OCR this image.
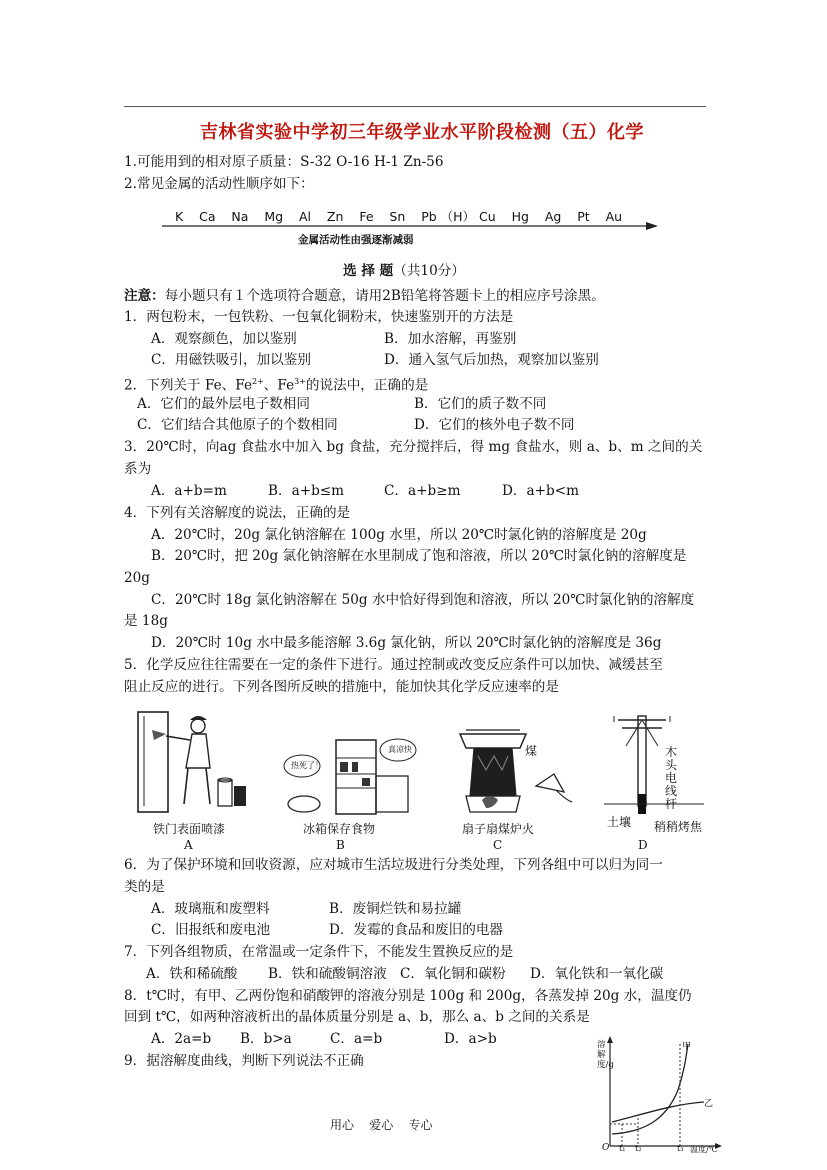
吉林省实验中学初三年级学业水平阶段检测（五）化学
1.可能用到的相对原子质量：S-32 O-16 H-1 Zn-56
2.常见金属的活动性顺序如下：
K Ca Na Mg Al Zn Fe Sn Pb （H） Cu Hg Ag Pt Au
金属活动性由强逐渐减弱
选 择 题（共10分）
注意：每小题只有１个选项符合题意，请用2B铅笔将答题卡上的相应序号涂黑。
1．两包粉末，一包铁粉、一包氧化铜粉末，快速鉴别开的方法是
A．观察颜色，加以鉴别	B．加水溶解，再鉴别
C．用磁铁吸引，加以鉴别	D．通入氢气后加热，观察加以鉴别
2．下列关于 Fe、$Fe^{2+}$、$Fe^{3+}$的说法中，正确的是
A．它们的最外层电子数相同	B．它们的质子数不同
C．它们结合其他原子的个数相同	D．它们的核外电子数不同
3．20℃时，向ag 食盐水中加入 bg 食盐，充分搅拌后，得 mg 食盐水，则 a、b、m 之间的关
系为
A．a+b=m	B．a+b≤m	C．a+b≥m	D．a+b<m
4．下列有关溶解度的说法，正确的是
A．20℃时，20g 氯化钠溶解在 100g 水里，所以 20℃时氯化钠的溶解度是 20g
B．20℃时，把 20g 氯化钠溶解在水里制成了饱和溶液，所以 20℃时氯化钠的溶解度是
20g
C．20℃时 18g 氯化钠溶解在 50g 水中恰好得到饱和溶液，所以 20℃时氯化钠的溶解度
是 18g
D．20℃时 10g 水中最多能溶解 3.6g 氯化钠，所以 20℃时氯化钠的溶解度是 36g
5．化学反应往往需要在一定的条件下进行。通过控制或改变反应条件可以加快、减缓甚至
阻止反应的进行。下列各图所反映的措施中，能加快其化学反应速率的是
铁门表面喷漆
A
热死了！
真凉快
冰箱保存食物
B
煤
扇子扇煤炉火
C
木头电线杆
土壤 稍稍烤焦
D
6．为了保护环境和回收资源，应对城市生活垃圾进行分类处理，下列各组中可以归为同一
类的是
A．玻璃瓶和废塑料	B．废铜烂铁和易拉罐
C．旧报纸和废电池	D．发霉的食品和废旧的电器
7．下列各组物质，在常温或一定条件下，不能发生置换反应的是
A．铁和稀硫酸 B．铁和硫酸铜溶液 C．氧化铜和碳粉 D．氧化铁和一氧化碳
8．t℃时，有甲、乙两份饱和硝酸钾的溶液分别是 100g 和 200g，各蒸发掉 20g 水，温度仍
回到 t℃，如两种溶液析出的晶体质量分别是 a、b，那么 a、b 之间的关系是
A．2a=b B．b>a	C．a=b	D．a>b
9．据溶解度曲线，判断下列说法不正确
溶解度/g
甲
乙
O t₁ t₂	t₃ 温度/℃
用心    爱心    专心
